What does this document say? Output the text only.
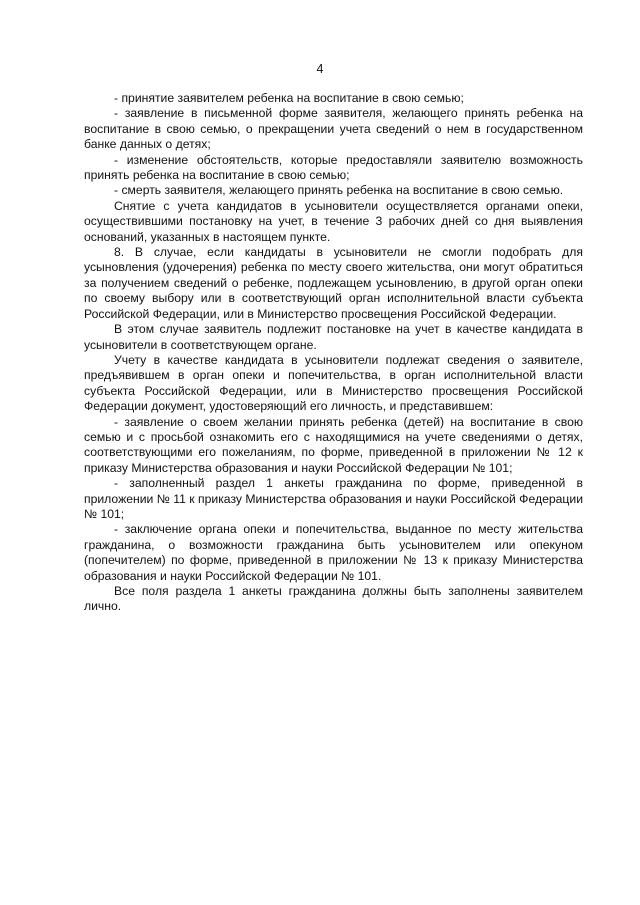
4

- принятие заявителем ребенка на воспитание в свою семью;

- заявление в письменной форме заявителя, желающего принять ребенка на воспитание в свою семью, о прекращении учета сведений о нем в государственном банке данных о детях;

- изменение обстоятельств, которые предоставляли заявителю возможность принять ребенка на воспитание в свою семью;

- смерть заявителя, желающего принять ребенка на воспитание в свою семью.

Снятие с учета кандидатов в усыновители осуществляется органами опеки, осуществившими постановку на учет, в течение 3 рабочих дней со дня выявления оснований, указанных в настоящем пункте.

8. В случае, если кандидаты в усыновители не смогли подобрать для усыновления (удочерения) ребенка по месту своего жительства, они могут обратиться за получением сведений о ребенке, подлежащем усыновлению, в другой орган опеки по своему выбору или в соответствующий орган исполнительной власти субъекта Российской Федерации, или в Министерство просвещения Российской Федерации.

В этом случае заявитель подлежит постановке на учет в качестве кандидата в усыновители в соответствующем органе.

Учету в качестве кандидата в усыновители подлежат сведения о заявителе, предъявившем в орган опеки и попечительства, в орган исполнительной власти субъекта Российской Федерации, или в Министерство просвещения Российской Федерации документ, удостоверяющий его личность, и представившем:

- заявление о своем желании принять ребенка (детей) на воспитание в свою семью и с просьбой ознакомить его с находящимися на учете сведениями о детях, соответствующими его пожеланиям, по форме, приведенной в приложении № 12 к приказу Министерства образования и науки Российской Федерации № 101;

- заполненный раздел 1 анкеты гражданина по форме, приведенной в приложении № 11 к приказу Министерства образования и науки Российской Федерации № 101;

- заключение органа опеки и попечительства, выданное по месту жительства гражданина, о возможности гражданина быть усыновителем или опекуном (попечителем) по форме, приведенной в приложении № 13 к приказу Министерства образования и науки Российской Федерации № 101.

Все поля раздела 1 анкеты гражданина должны быть заполнены заявителем лично.
